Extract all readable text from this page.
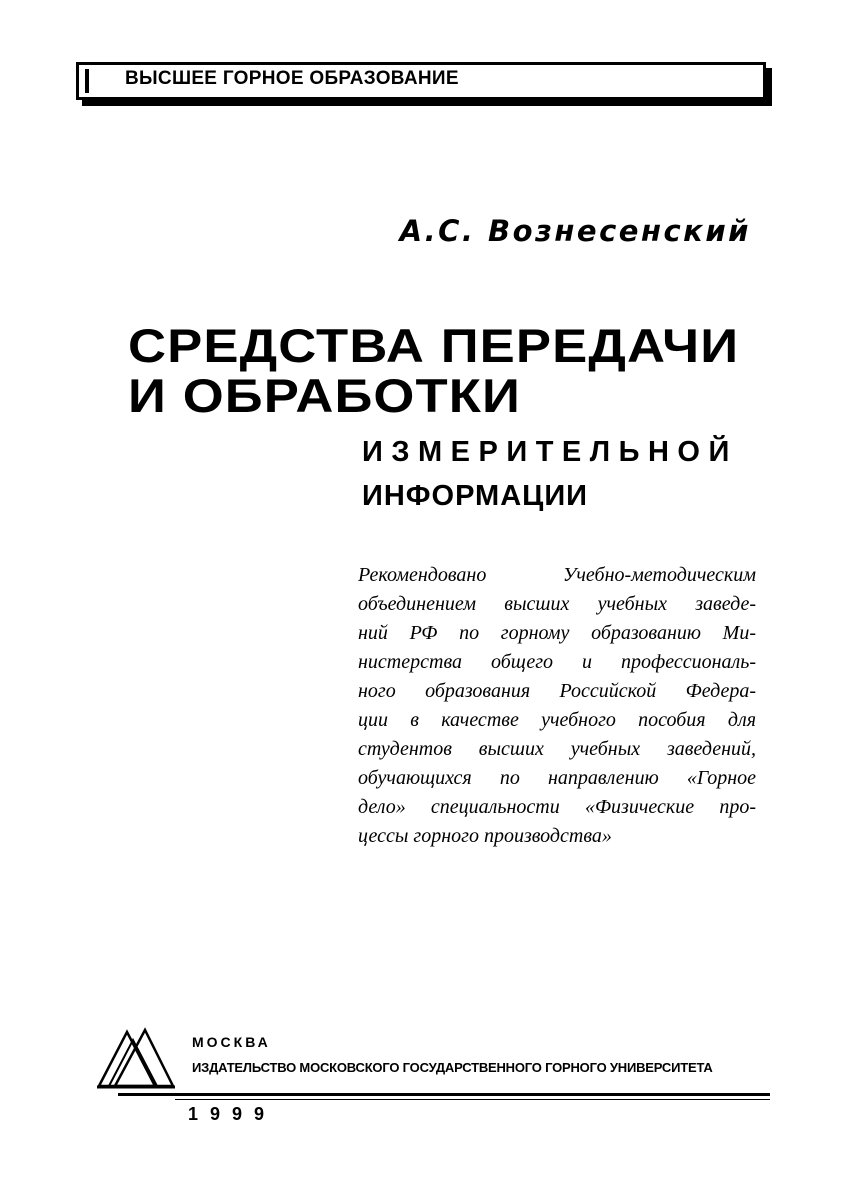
ВЫСШЕЕ ГОРНОЕ ОБРАЗОВАНИЕ
А.С. Вознесенский
СРЕДСТВА ПЕРЕДАЧИ
И ОБРАБОТКИ
ИЗМЕРИТЕЛЬНОЙ
ИНФОРМАЦИИ
Рекомендовано Учебно-методическим
объединением высших учебных заведе-
ний РФ по горному образованию Ми-
нистерства общего и профессиональ-
ного образования Российской Федера-
ции в качестве учебного пособия для
студентов высших учебных заведений,
обучающихся по направлению «Горное
дело» специальности «Физические про-
цессы горного производства»
МОСКВА
ИЗДАТЕЛЬСТВО МОСКОВСКОГО ГОСУДАРСТВЕННОГО ГОРНОГО УНИВЕРСИТЕТА
1999
